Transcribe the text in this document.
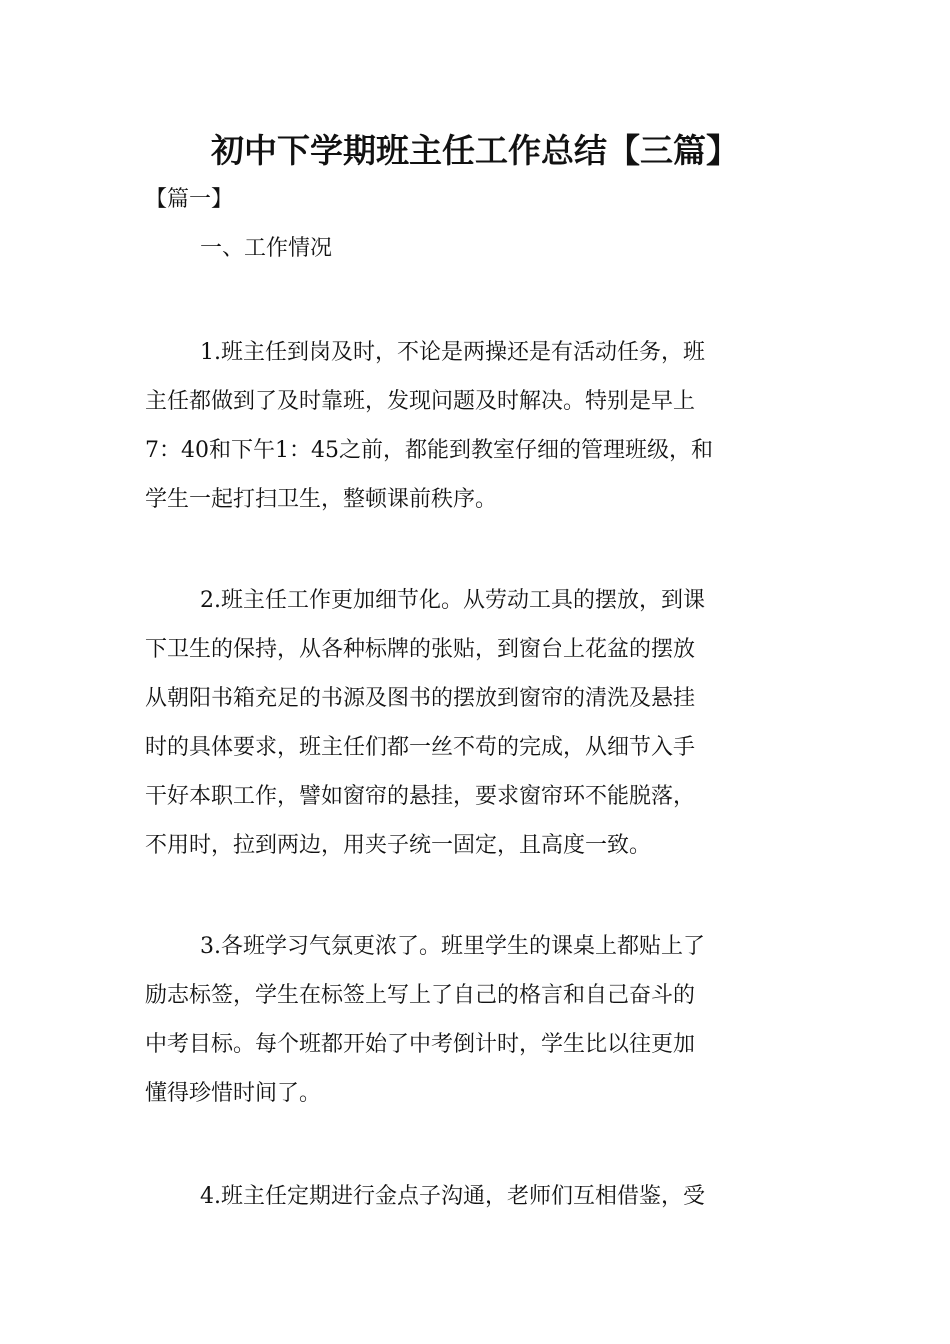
初中下学期班主任工作总结【三篇】

【篇一】

一、工作情况

1.班主任到岗及时，不论是两操还是有活动任务，班
主任都做到了及时靠班，发现问题及时解决。特别是早上
7：40和下午1：45之前，都能到教室仔细的管理班级，和
学生一起打扫卫生，整顿课前秩序。

2.班主任工作更加细节化。从劳动工具的摆放，到课
下卫生的保持，从各种标牌的张贴，到窗台上花盆的摆放
从朝阳书箱充足的书源及图书的摆放到窗帘的清洗及悬挂
时的具体要求，班主任们都一丝不苟的完成，从细节入手
干好本职工作，譬如窗帘的悬挂，要求窗帘环不能脱落，
不用时，拉到两边，用夹子统一固定，且高度一致。

3.各班学习气氛更浓了。班里学生的课桌上都贴上了
励志标签，学生在标签上写上了自己的格言和自己奋斗的
中考目标。每个班都开始了中考倒计时，学生比以往更加
懂得珍惜时间了。

4.班主任定期进行金点子沟通，老师们互相借鉴，受
